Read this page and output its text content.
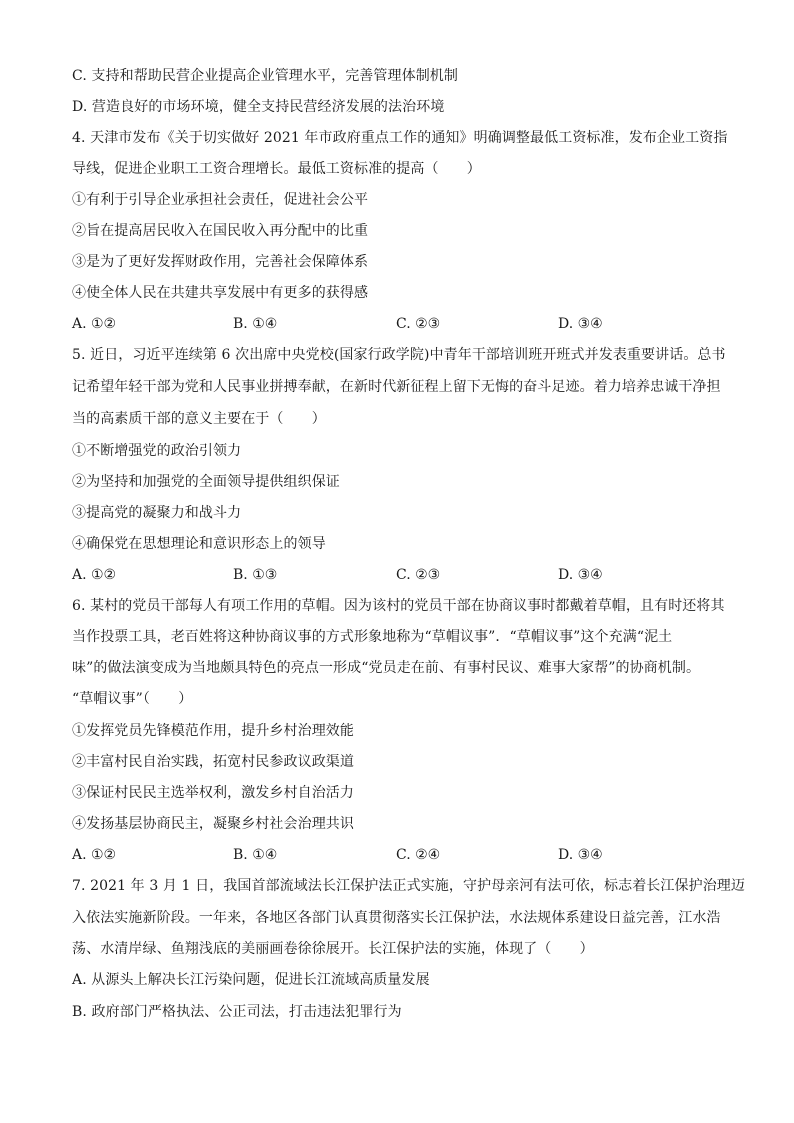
C. 支持和帮助民营企业提高企业管理水平，完善管理体制机制
D. 营造良好的市场环境，健全支持民营经济发展的法治环境
4. 天津市发布《关于切实做好 2021 年市政府重点工作的通知》明确调整最低工资标准，发布企业工资指
导线，促进企业职工工资合理增长。最低工资标准的提高（　　）
①有利于引导企业承担社会责任，促进社会公平
②旨在提高居民收入在国民收入再分配中的比重
③是为了更好发挥财政作用，完善社会保障体系
④使全体人民在共建共享发展中有更多的获得感
A. ①②	B. ①④	C. ②③	D. ③④
5. 近日，习近平连续第 6 次出席中央党校(国家行政学院)中青年干部培训班开班式并发表重要讲话。总书
记希望年轻干部为党和人民事业拼搏奉献，在新时代新征程上留下无悔的奋斗足迹。着力培养忠诚干净担
当的高素质干部的意义主要在于（　　）
①不断增强党的政治引领力
②为坚持和加强党的全面领导提供组织保证
③提高党的凝聚力和战斗力
④确保党在思想理论和意识形态上的领导
A. ①②	B. ①③	C. ②③	D. ③④
6. 某村的党员干部每人有项工作用的草帽。因为该村的党员干部在协商议事时都戴着草帽，且有时还将其
当作投票工具，老百姓将这种协商议事的方式形象地称为“草帽议事”．“草帽议事”这个充满“泥土
味”的做法演变成为当地颇具特色的亮点一形成“党员走在前、有事村民议、难事大家帮”的协商机制。
“草帽议事”（　　）
①发挥党员先锋模范作用，提升乡村治理效能
②丰富村民自治实践，拓宽村民参政议政渠道
③保证村民民主选举权利，激发乡村自治活力
④发扬基层协商民主，凝聚乡村社会治理共识
A. ①②	B. ①④	C. ②④	D. ③④
7. 2021 年 3 月 1 日，我国首部流域法长江保护法正式实施，守护母亲河有法可依，标志着长江保护治理迈
入依法实施新阶段。一年来，各地区各部门认真贯彻落实长江保护法，水法规体系建设日益完善，江水浩
荡、水清岸绿、鱼翔浅底的美丽画卷徐徐展开。长江保护法的实施，体现了（　　）
A. 从源头上解决长江污染问题，促进长江流域高质量发展
B. 政府部门严格执法、公正司法，打击违法犯罪行为
